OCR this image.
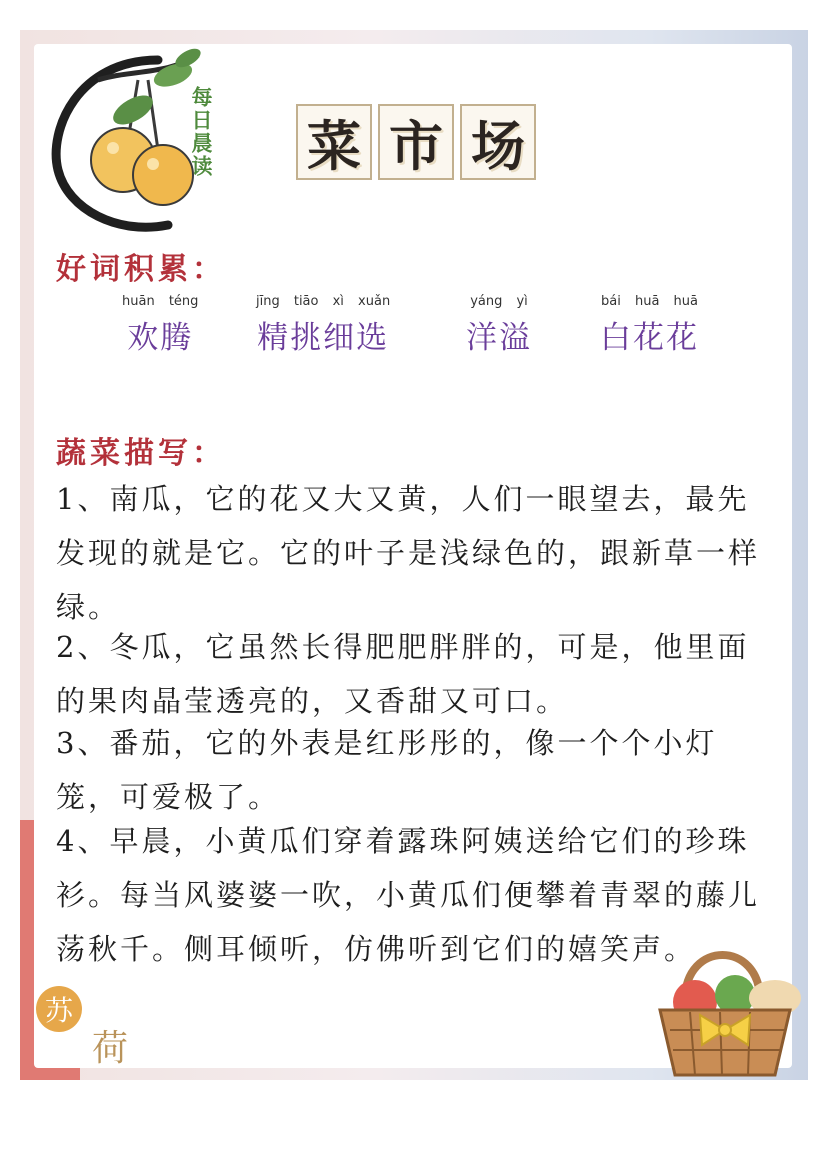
每日晨读 菜 市 场
好词积累：
huān téng
欢腾
jīng tiāo xì xuǎn
精挑细选
yáng yì
洋溢
bái huā huā
白花花
蔬菜描写：

1、南瓜，它的花又大又黄，人们一眼望去，最先发现的就是它。它的叶子是浅绿色的，跟新草一样绿。

2、冬瓜，它虽然长得肥肥胖胖的，可是，他里面的果肉晶莹透亮的，又香甜又可口。

3、番茄，它的外表是红彤彤的，像一个个小灯笼，可爱极了。

4、早晨，小黄瓜们穿着露珠阿姨送给它们的珍珠衫。每当风婆婆一吹，小黄瓜们便攀着青翠的藤儿荡秋千。侧耳倾听，仿佛听到它们的嬉笑声。

苏
荷
